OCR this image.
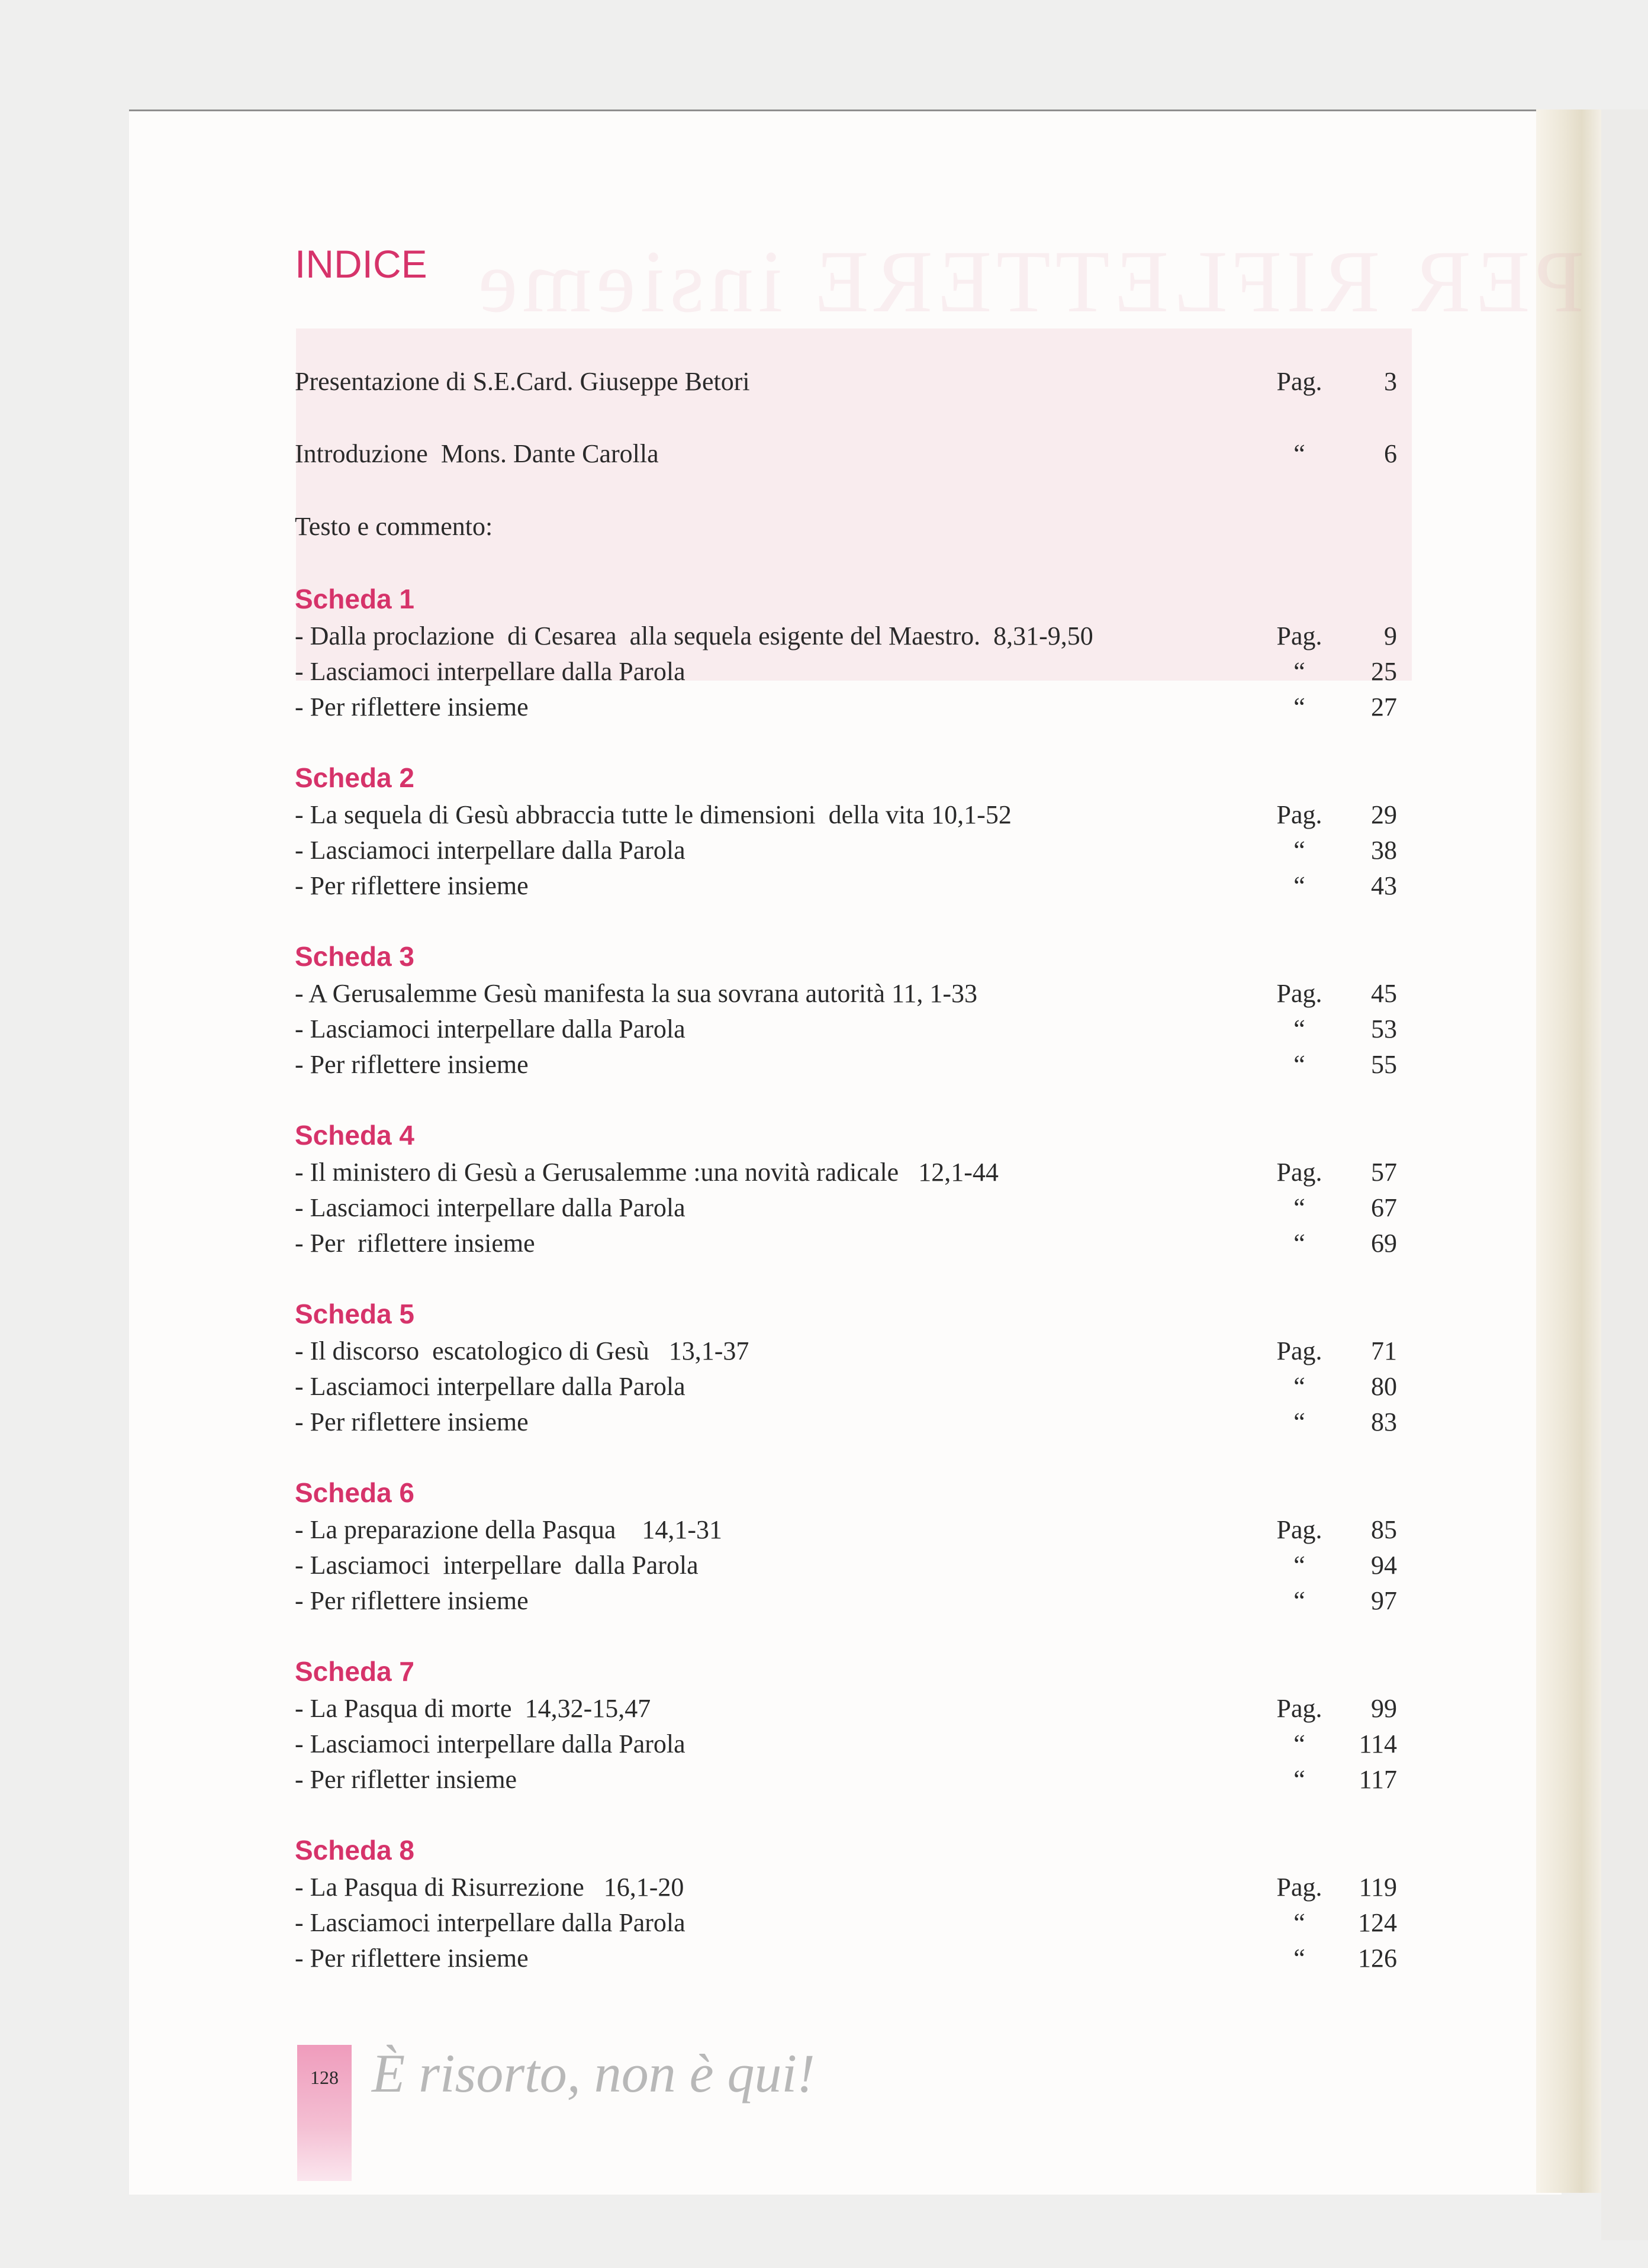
PER RIFLETTERE insieme
INDICE
Presentazione di S.E.Card. Giuseppe Betori	Pag.	3
Introduzione  Mons. Dante Carolla	“	6
Testo e commento:
Scheda 1
- Dalla proclazione  di Cesarea  alla sequela esigente del Maestro.  8,31-9,50	Pag.	9
- Lasciamoci interpellare dalla Parola	“	25
- Per riflettere insieme	“	27
Scheda 2
- La sequela di Gesù abbraccia tutte le dimensioni  della vita 10,1-52	Pag.	29
- Lasciamoci interpellare dalla Parola	“	38
- Per riflettere insieme	“	43
Scheda 3
- A Gerusalemme Gesù manifesta la sua sovrana autorità 11, 1-33	Pag.	45
- Lasciamoci interpellare dalla Parola	“	53
- Per riflettere insieme	“	55
Scheda 4
- Il ministero di Gesù a Gerusalemme :una novità radicale   12,1-44	Pag.	57
- Lasciamoci interpellare dalla Parola	“	67
- Per  riflettere insieme	“	69
Scheda 5
- Il discorso  escatologico di Gesù   13,1-37	Pag.	71
- Lasciamoci interpellare dalla Parola	“	80
- Per riflettere insieme	“	83
Scheda 6
- La preparazione della Pasqua    14,1-31	Pag.	85
- Lasciamoci  interpellare  dalla Parola	“	94
- Per riflettere insieme	“	97
Scheda 7
- La Pasqua di morte  14,32-15,47	Pag.	99
- Lasciamoci interpellare dalla Parola	“	114
- Per rifletter insieme	“	117
Scheda 8
- La Pasqua di Risurrezione   16,1-20	Pag.	119
- Lasciamoci interpellare dalla Parola	“	124
- Per riflettere insieme	“	126
128 È risorto, non è qui!
